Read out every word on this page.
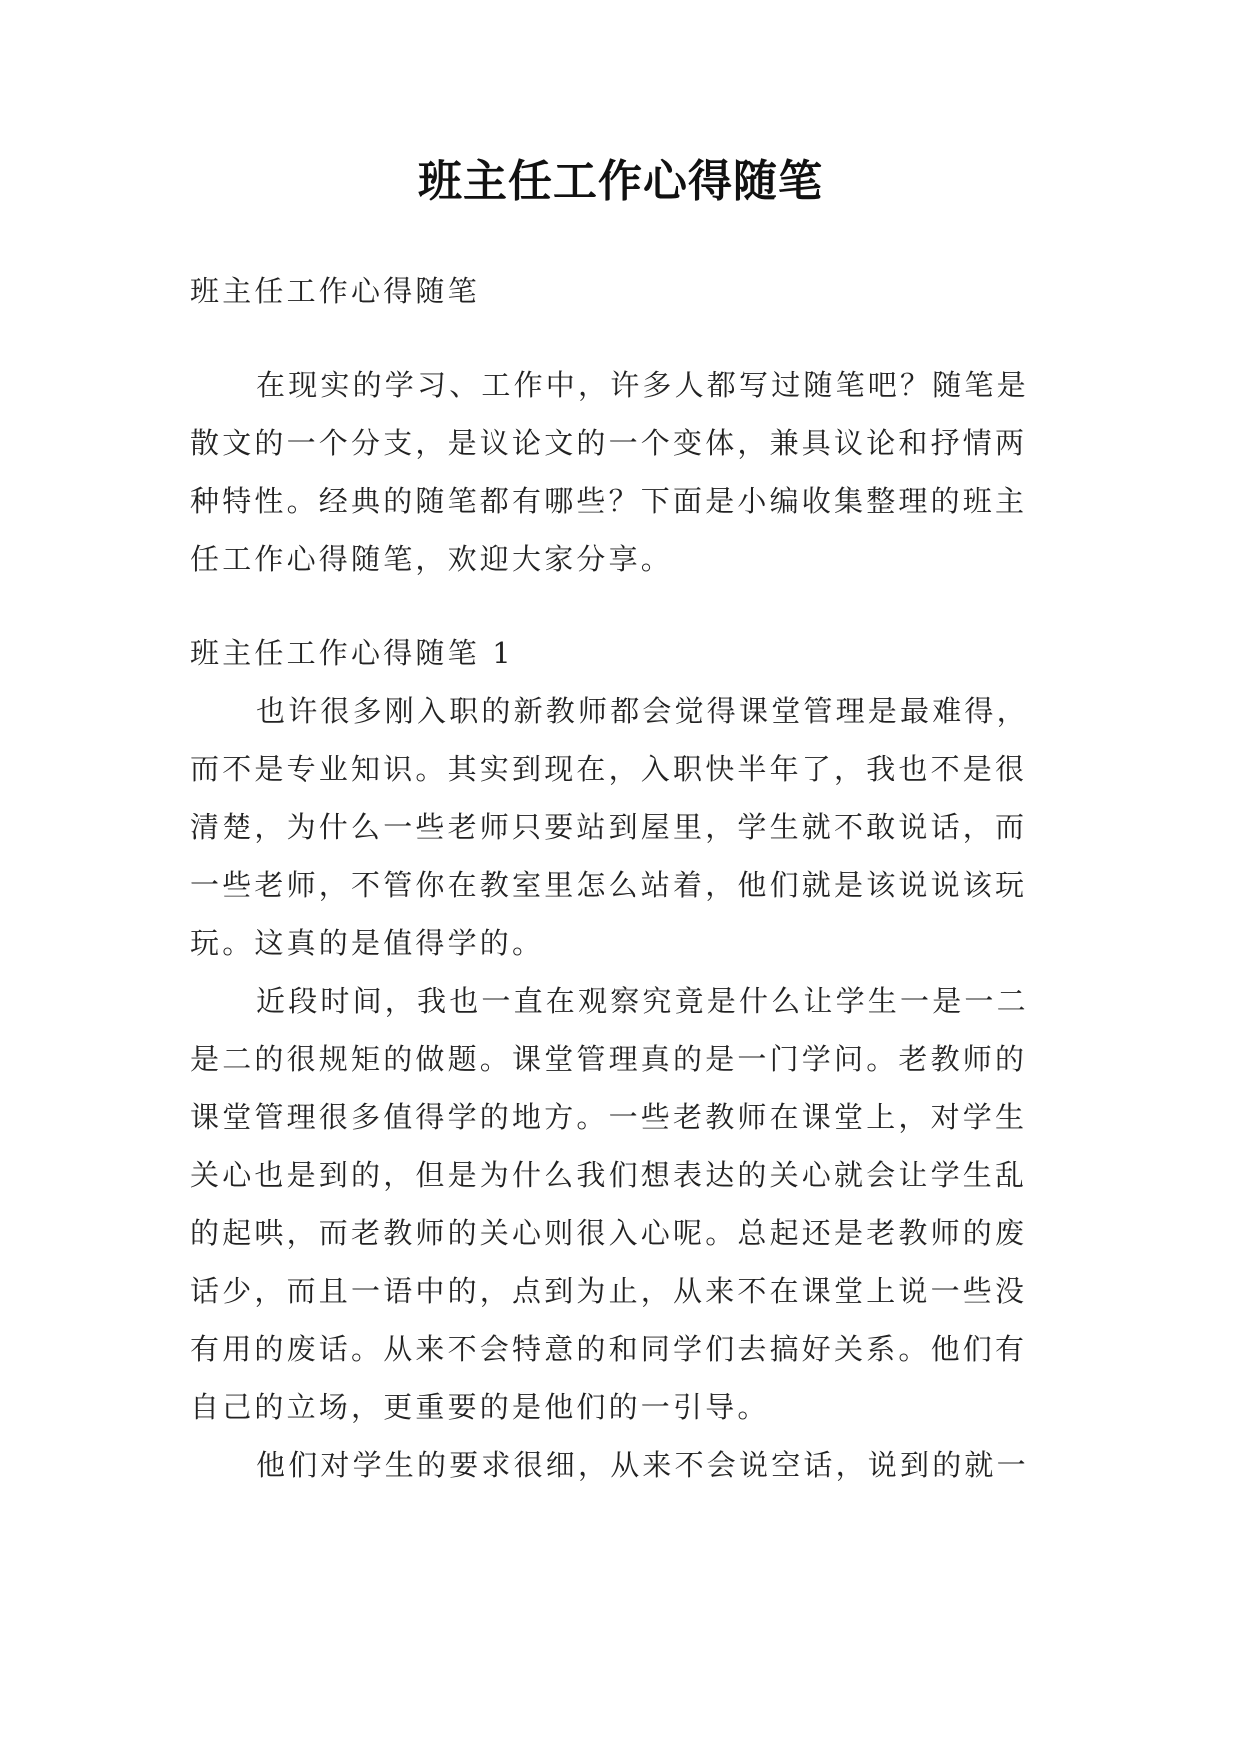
班主任工作心得随笔
班主任工作心得随笔
在现实的学习、工作中，许多人都写过随笔吧？随笔是
散文的一个分支，是议论文的一个变体，兼具议论和抒情两
种特性。经典的随笔都有哪些？下面是小编收集整理的班主
任工作心得随笔，欢迎大家分享。
班主任工作心得随笔 1
也许很多刚入职的新教师都会觉得课堂管理是最难得，
而不是专业知识。其实到现在，入职快半年了，我也不是很
清楚，为什么一些老师只要站到屋里，学生就不敢说话，而
一些老师，不管你在教室里怎么站着，他们就是该说说该玩
玩。这真的是值得学的。
近段时间，我也一直在观察究竟是什么让学生一是一二
是二的很规矩的做题。课堂管理真的是一门学问。老教师的
课堂管理很多值得学的地方。一些老教师在课堂上，对学生
关心也是到的，但是为什么我们想表达的关心就会让学生乱
的起哄，而老教师的关心则很入心呢。总起还是老教师的废
话少，而且一语中的，点到为止，从来不在课堂上说一些没
有用的废话。从来不会特意的和同学们去搞好关系。他们有
自己的立场，更重要的是他们的一引导。
他们对学生的要求很细，从来不会说空话，说到的就一
